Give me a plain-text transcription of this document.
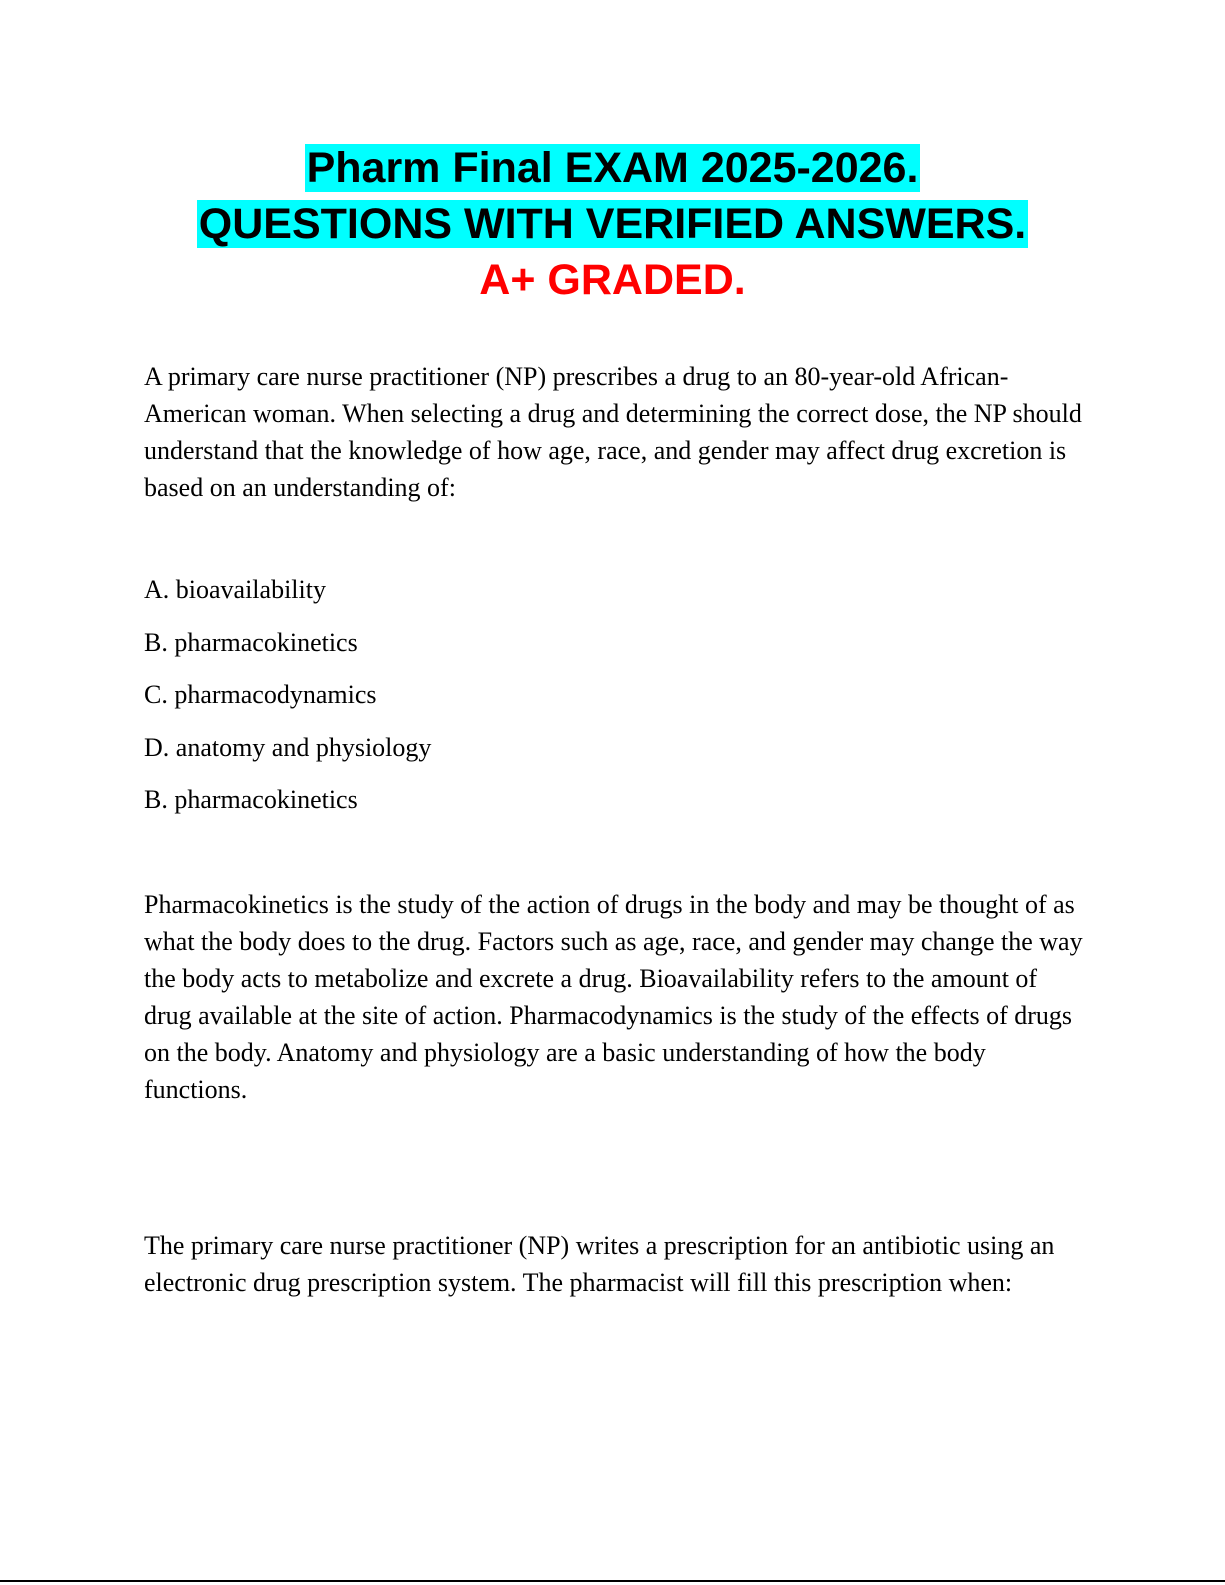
Pharm Final EXAM 2025-2026.
QUESTIONS WITH VERIFIED ANSWERS.
A+ GRADED.

A primary care nurse practitioner (NP) prescribes a drug to an 80-year-old African-American woman. When selecting a drug and determining the correct dose, the NP should understand that the knowledge of how age, race, and gender may affect drug excretion is based on an understanding of:

A. bioavailability
B. pharmacokinetics
C. pharmacodynamics
D. anatomy and physiology
B. pharmacokinetics

Pharmacokinetics is the study of the action of drugs in the body and may be thought of as what the body does to the drug. Factors such as age, race, and gender may change the way the body acts to metabolize and excrete a drug. Bioavailability refers to the amount of drug available at the site of action. Pharmacodynamics is the study of the effects of drugs on the body. Anatomy and physiology are a basic understanding of how the body functions.

The primary care nurse practitioner (NP) writes a prescription for an antibiotic using an electronic drug prescription system. The pharmacist will fill this prescription when:
